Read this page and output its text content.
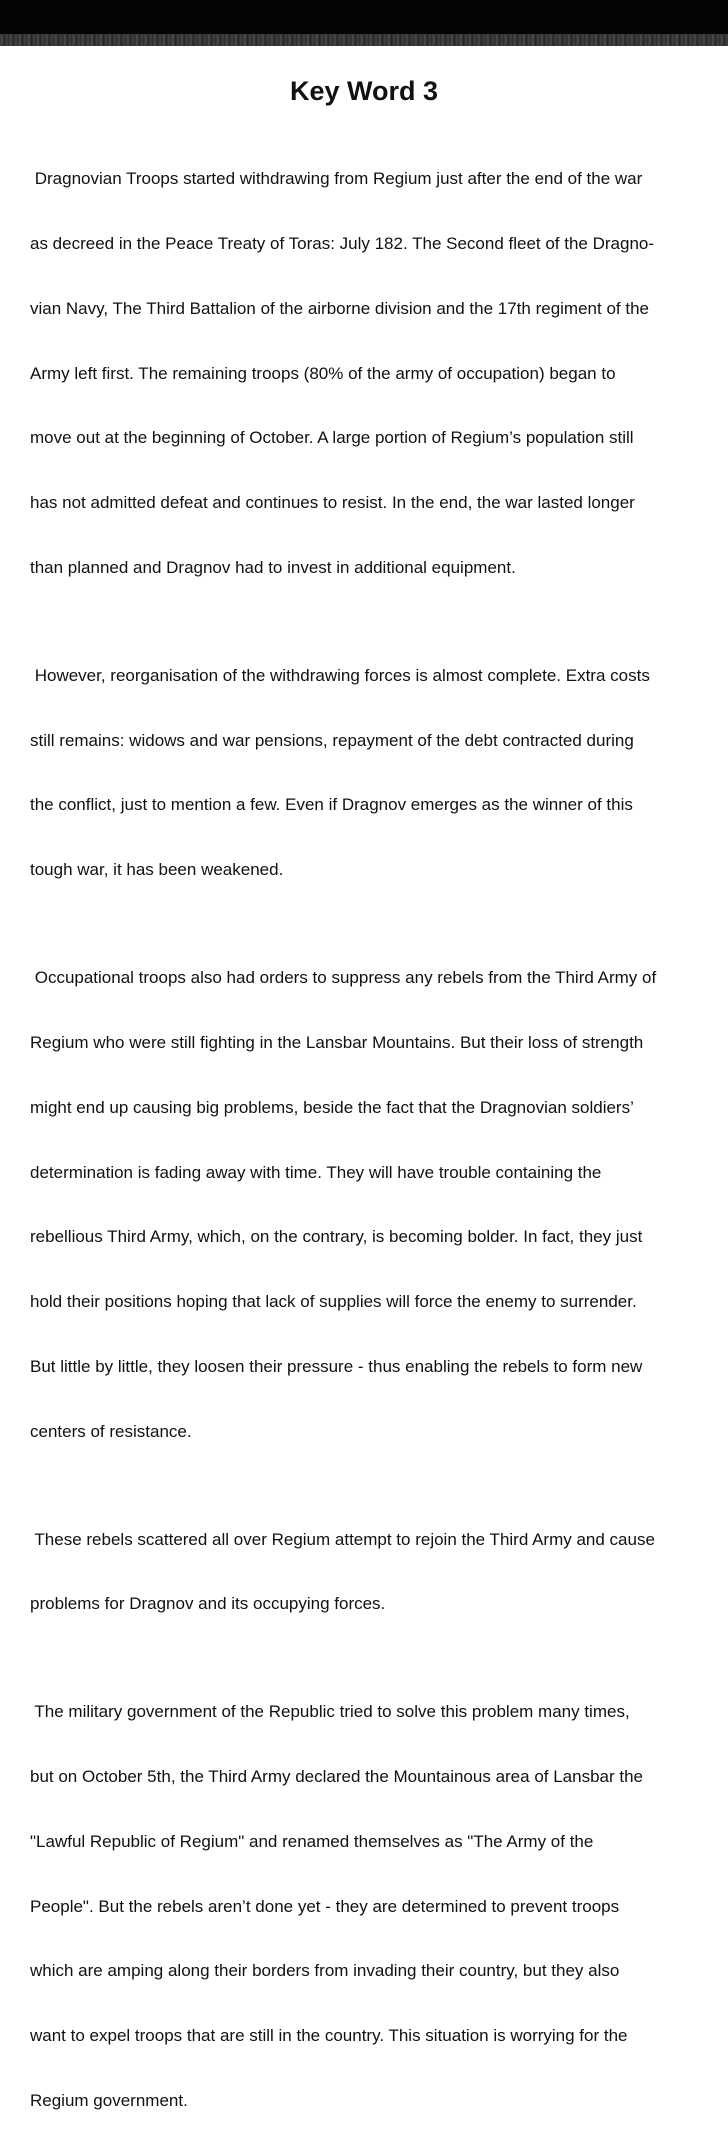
Key Word 3

Dragnovian Troops started withdrawing from Regium just after the end of the war

as decreed in the Peace Treaty of Toras: July 182. The Second fleet of the Dragno-

vian Navy, The Third Battalion of the airborne division and the 17th regiment of the

Army left first. The remaining troops (80% of the army of occupation) began to

move out at the beginning of October. A large portion of Regium’s population still

has not admitted defeat and continues to resist. In the end, the war lasted longer

than planned and Dragnov had to invest in additional equipment.

However, reorganisation of the withdrawing forces is almost complete. Extra costs

still remains: widows and war pensions, repayment of the debt contracted during

the conflict, just to mention a few. Even if Dragnov emerges as the winner of this

tough war, it has been weakened.

Occupational troops also had orders to suppress any rebels from the Third Army of

Regium who were still fighting in the Lansbar Mountains. But their loss of strength

might end up causing big problems, beside the fact that the Dragnovian soldiers’

determination is fading away with time. They will have trouble containing the

rebellious Third Army, which, on the contrary, is becoming bolder. In fact, they just

hold their positions hoping that lack of supplies will force the enemy to surrender.

But little by little, they loosen their pressure - thus enabling the rebels to form new

centers of resistance.

These rebels scattered all over Regium attempt to rejoin the Third Army and cause

problems for Dragnov and its occupying forces.

The military government of the Republic tried to solve this problem many times,

but on October 5th, the Third Army declared the Mountainous area of Lansbar the

"Lawful Republic of Regium" and renamed themselves as "The Army of the

People". But the rebels aren’t done yet - they are determined to prevent troops

which are amping along their borders from invading their country, but they also

want to expel troops that are still in the country. This situation is worrying for the

Regium government.
